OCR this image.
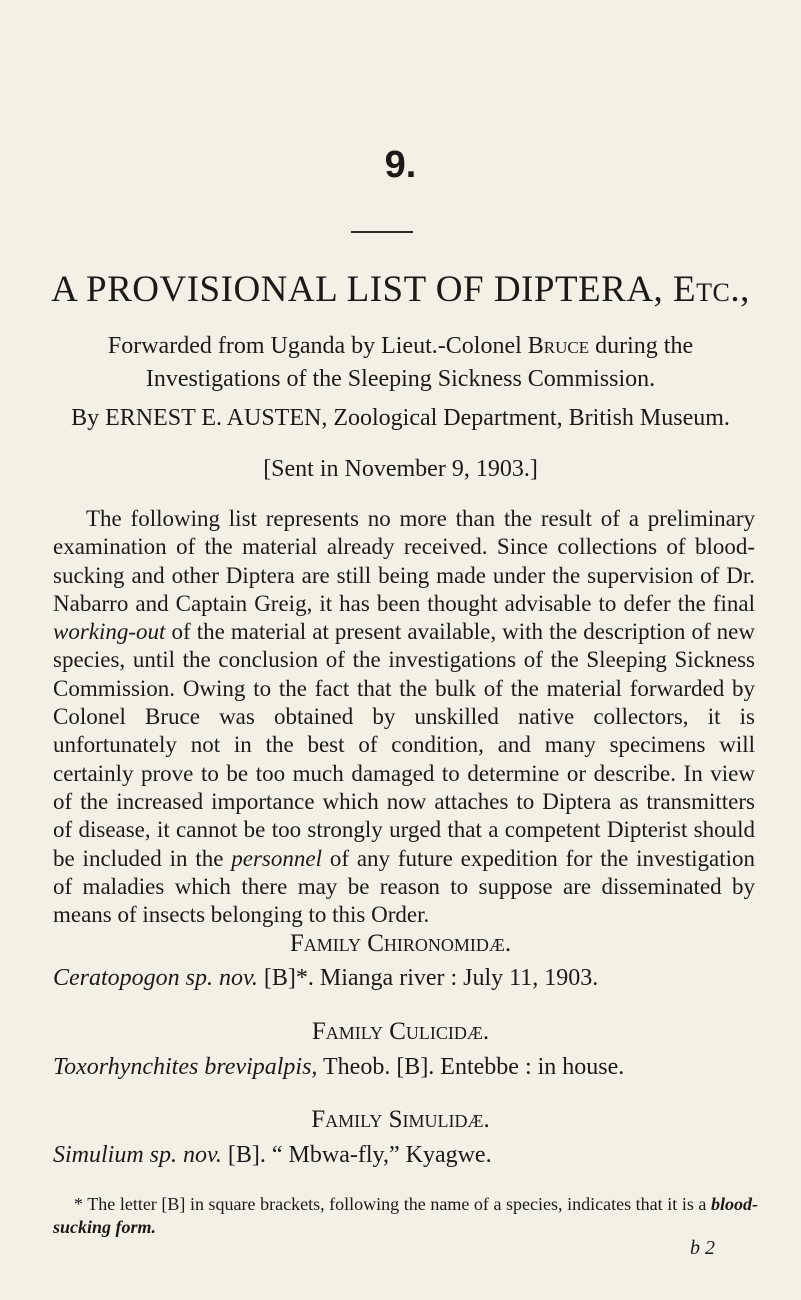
9.
A PROVISIONAL LIST OF DIPTERA, Etc.,
Forwarded from Uganda by Lieut.-Colonel Bruce during the Investigations of the Sleeping Sickness Commission.
By ERNEST E. AUSTEN, Zoological Department, British Museum.
[Sent in November 9, 1903.]

The following list represents no more than the result of a preliminary examination of the material already received. Since collections of blood-sucking and other Diptera are still being made under the supervision of Dr. Nabarro and Captain Greig, it has been thought advisable to defer the final working-out of the material at present available, with the description of new species, until the conclusion of the investigations of the Sleeping Sickness Commission. Owing to the fact that the bulk of the material forwarded by Colonel Bruce was obtained by unskilled native collectors, it is unfortunately not in the best of condition, and many specimens will certainly prove to be too much damaged to determine or describe. In view of the increased importance which now attaches to Diptera as transmitters of disease, it cannot be too strongly urged that a competent Dipterist should be included in the personnel of any future expedition for the investigation of maladies which there may be reason to suppose are disseminated by means of insects belonging to this Order.

Family Chironomidæ.
Ceratopogon sp. nov. [B]*. Mianga river : July 11, 1903.
Family Culicidæ.
Toxorhynchites brevipalpis, Theob. [B]. Entebbe : in house.
Family Simulidæ.
Simulium sp. nov. [B]. “ Mbwa-fly,” Kyagwe.

* The letter [B] in square brackets, following the name of a species, indicates that it is a blood-sucking form.

b 2
